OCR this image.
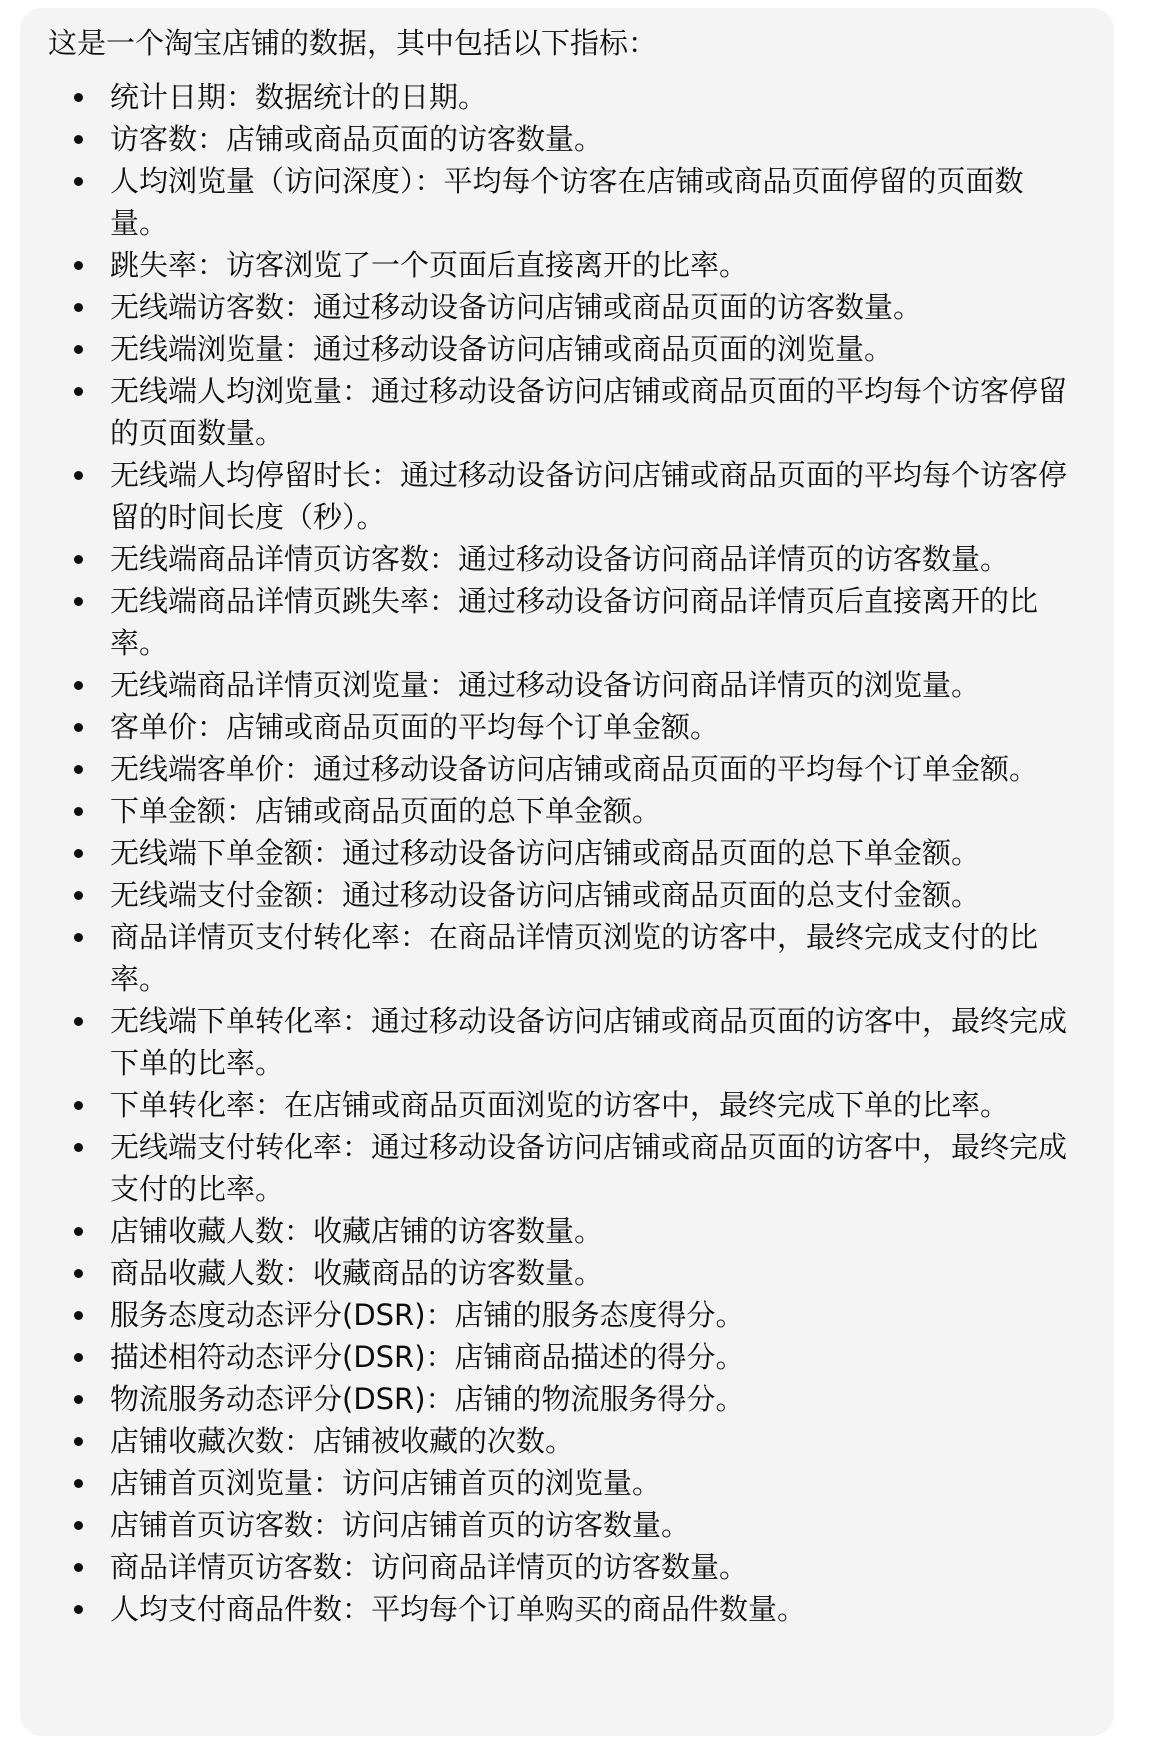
这是一个淘宝店铺的数据，其中包括以下指标：

统计日期：数据统计的日期。
访客数：店铺或商品页面的访客数量。
人均浏览量（访问深度）：平均每个访客在店铺或商品页面停留的页面数量。
跳失率：访客浏览了一个页面后直接离开的比率。
无线端访客数：通过移动设备访问店铺或商品页面的访客数量。
无线端浏览量：通过移动设备访问店铺或商品页面的浏览量。
无线端人均浏览量：通过移动设备访问店铺或商品页面的平均每个访客停留的页面数量。
无线端人均停留时长：通过移动设备访问店铺或商品页面的平均每个访客停留的时间长度（秒）。
无线端商品详情页访客数：通过移动设备访问商品详情页的访客数量。
无线端商品详情页跳失率：通过移动设备访问商品详情页后直接离开的比率。
无线端商品详情页浏览量：通过移动设备访问商品详情页的浏览量。
客单价：店铺或商品页面的平均每个订单金额。
无线端客单价：通过移动设备访问店铺或商品页面的平均每个订单金额。
下单金额：店铺或商品页面的总下单金额。
无线端下单金额：通过移动设备访问店铺或商品页面的总下单金额。
无线端支付金额：通过移动设备访问店铺或商品页面的总支付金额。
商品详情页支付转化率：在商品详情页浏览的访客中，最终完成支付的比率。
无线端下单转化率：通过移动设备访问店铺或商品页面的访客中，最终完成下单的比率。
下单转化率：在店铺或商品页面浏览的访客中，最终完成下单的比率。
无线端支付转化率：通过移动设备访问店铺或商品页面的访客中，最终完成支付的比率。
店铺收藏人数：收藏店铺的访客数量。
商品收藏人数：收藏商品的访客数量。
服务态度动态评分(DSR)：店铺的服务态度得分。
描述相符动态评分(DSR)：店铺商品描述的得分。
物流服务动态评分(DSR)：店铺的物流服务得分。
店铺收藏次数：店铺被收藏的次数。
店铺首页浏览量：访问店铺首页的浏览量。
店铺首页访客数：访问店铺首页的访客数量。
商品详情页访客数：访问商品详情页的访客数量。
人均支付商品件数：平均每个订单购买的商品件数量。
